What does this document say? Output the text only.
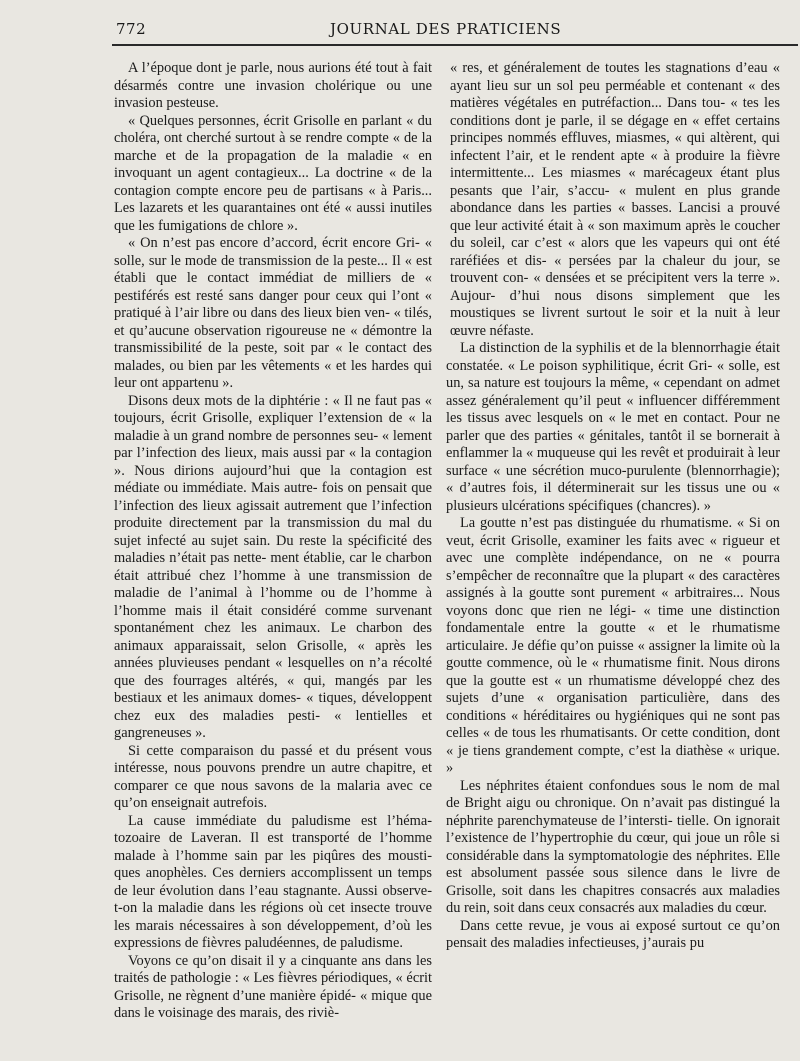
772	JOURNAL DES PRATICIENS

A l’époque dont je parle, nous aurions été tout à fait désarmés contre une invasion cholérique ou une invasion pesteuse.

« Quelques personnes, écrit Grisolle en parlant « du choléra, ont cherché surtout à se rendre compte « de la marche et de la propagation de la maladie « en invoquant un agent contagieux... La doctrine « de la contagion compte encore peu de partisans « à Paris... Les lazarets et les quarantaines ont été « aussi inutiles que les fumigations de chlore ».

« On n’est pas encore d’accord, écrit encore Gri- « solle, sur le mode de transmission de la peste... Il « est établi que le contact immédiat de milliers de « pestiférés est resté sans danger pour ceux qui l’ont « pratiqué à l’air libre ou dans des lieux bien ven- « tilés, et qu’aucune observation rigoureuse ne « démontre la transmissibilité de la peste, soit par « le contact des malades, ou bien par les vêtements « et les hardes qui leur ont appartenu ».

Disons deux mots de la diphtérie : « Il ne faut pas « toujours, écrit Grisolle, expliquer l’extension de « la maladie à un grand nombre de personnes seu- « lement par l’infection des lieux, mais aussi par « la contagion ». Nous dirions aujourd’hui que la contagion est médiate ou immédiate. Mais autre- fois on pensait que l’infection des lieux agissait autrement que l’infection produite directement par la transmission du mal du sujet infecté au sujet sain. Du reste la spécificité des maladies n’était pas nette- ment établie, car le charbon était attribué chez l’homme à une transmission de maladie de l’animal à l’homme ou de l’homme à l’homme mais il était considéré comme survenant spontanément chez les animaux. Le charbon des animaux apparaissait, selon Grisolle, « après les années pluvieuses pendant « lesquelles on n’a récolté que des fourrages altérés, « qui, mangés par les bestiaux et les animaux domes- « tiques, développent chez eux des maladies pesti- « lentielles et gangreneuses ».

Si cette comparaison du passé et du présent vous intéresse, nous pouvons prendre un autre chapitre, et comparer ce que nous savons de la malaria avec ce qu’on enseignait autrefois.

La cause immédiate du paludisme est l’héma- tozoaire de Laveran. Il est transporté de l’homme malade à l’homme sain par les piqûres des mousti- ques anophèles. Ces derniers accomplissent un temps de leur évolution dans l’eau stagnante. Aussi observe- t-on la maladie dans les régions où cet insecte trouve les marais nécessaires à son développement, d’où les expressions de fièvres paludéennes, de paludisme.

Voyons ce qu’on disait il y a cinquante ans dans les traités de pathologie : « Les fièvres périodiques, « écrit Grisolle, ne règnent d’une manière épidé- « mique que dans le voisinage des marais, des riviè-

« res, et généralement de toutes les stagnations d’eau « ayant lieu sur un sol peu perméable et contenant « des matières végétales en putréfaction... Dans tou- « tes les conditions dont je parle, il se dégage en « effet certains principes nommés effluves, miasmes, « qui altèrent, qui infectent l’air, et le rendent apte « à produire la fièvre intermittente... Les miasmes « marécageux étant plus pesants que l’air, s’accu- « mulent en plus grande abondance dans les parties « basses. Lancisi a prouvé que leur activité était à « son maximum après le coucher du soleil, car c’est « alors que les vapeurs qui ont été raréfiées et dis- « persées par la chaleur du jour, se trouvent con- « densées et se précipitent vers la terre ». Aujour- d’hui nous disons simplement que les moustiques se livrent surtout le soir et la nuit à leur œuvre néfaste.

La distinction de la syphilis et de la blennorrhagie était constatée. « Le poison syphilitique, écrit Gri- « solle, est un, sa nature est toujours la même, « cependant on admet assez généralement qu’il peut « influencer différemment les tissus avec lesquels on « le met en contact. Pour ne parler que des parties « génitales, tantôt il se bornerait à enflammer la « muqueuse qui les revêt et produirait à leur surface « une sécrétion muco-purulente (blennorrhagie); « d’autres fois, il déterminerait sur les tissus une ou « plusieurs ulcérations spécifiques (chancres). »

La goutte n’est pas distinguée du rhumatisme. « Si on veut, écrit Grisolle, examiner les faits avec « rigueur et avec une complète indépendance, on ne « pourra s’empêcher de reconnaître que la plupart « des caractères assignés à la goutte sont purement « arbitraires... Nous voyons donc que rien ne légi- « time une distinction fondamentale entre la goutte « et le rhumatisme articulaire. Je défie qu’on puisse « assigner la limite où la goutte commence, où le « rhumatisme finit. Nous dirons que la goutte est « un rhumatisme développé chez des sujets d’une « organisation particulière, dans des conditions « héréditaires ou hygiéniques qui ne sont pas celles « de tous les rhumatisants. Or cette condition, dont « je tiens grandement compte, c’est la diathèse « urique. »

Les néphrites étaient confondues sous le nom de mal de Bright aigu ou chronique. On n’avait pas distingué la néphrite parenchymateuse de l’intersti- tielle. On ignorait l’existence de l’hypertrophie du cœur, qui joue un rôle si considérable dans la symptomatologie des néphrites. Elle est absolument passée sous silence dans le livre de Grisolle, soit dans les chapitres consacrés aux maladies du rein, soit dans ceux consacrés aux maladies du cœur.

Dans cette revue, je vous ai exposé surtout ce qu’on pensait des maladies infectieuses, j’aurais pu
